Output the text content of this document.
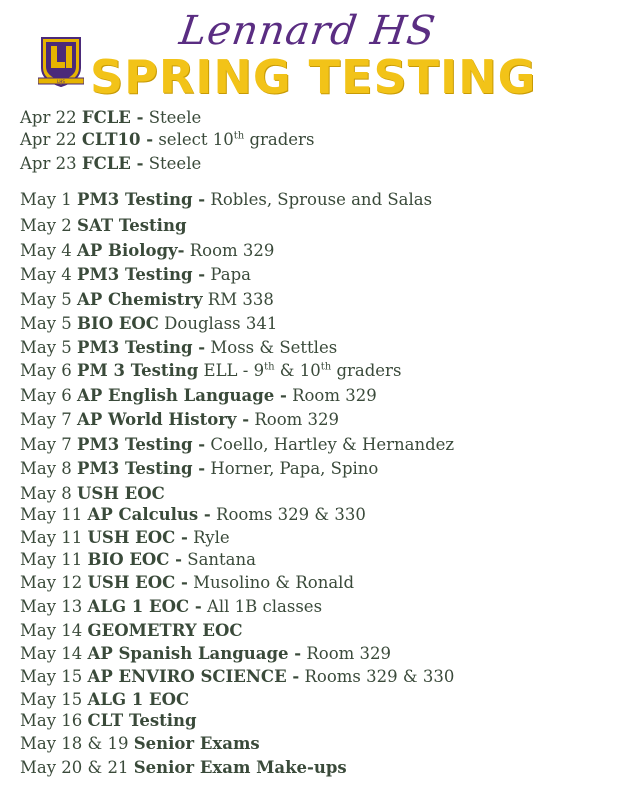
LHS
Lennard HS
SPRING TESTING
Apr 22 FCLE - Steele
Apr 22 CLT10 - select 10th graders
Apr 23 FCLE - Steele
May 1 PM3 Testing - Robles, Sprouse and Salas
May 2 SAT Testing
May 4 AP Biology- Room 329
May 4 PM3 Testing - Papa
May 5 AP Chemistry RM 338
May 5 BIO EOC Douglass 341
May 5 PM3 Testing - Moss & Settles
May 6 PM 3 Testing ELL - 9th & 10th graders
May 6 AP English Language - Room 329
May 7 AP World History - Room 329
May 7 PM3 Testing - Coello, Hartley & Hernandez
May 8 PM3 Testing - Horner, Papa, Spino
May 8 USH EOC
May 11 AP Calculus - Rooms 329 & 330
May 11 USH EOC - Ryle
May 11 BIO EOC - Santana
May 12 USH EOC - Musolino & Ronald
May 13 ALG 1 EOC - All 1B classes
May 14 GEOMETRY EOC
May 14 AP Spanish Language - Room 329
May 15 AP ENVIRO SCIENCE - Rooms 329 & 330
May 15 ALG 1 EOC
May 16 CLT Testing
May 18 & 19 Senior Exams
May 20 & 21 Senior Exam Make-ups
